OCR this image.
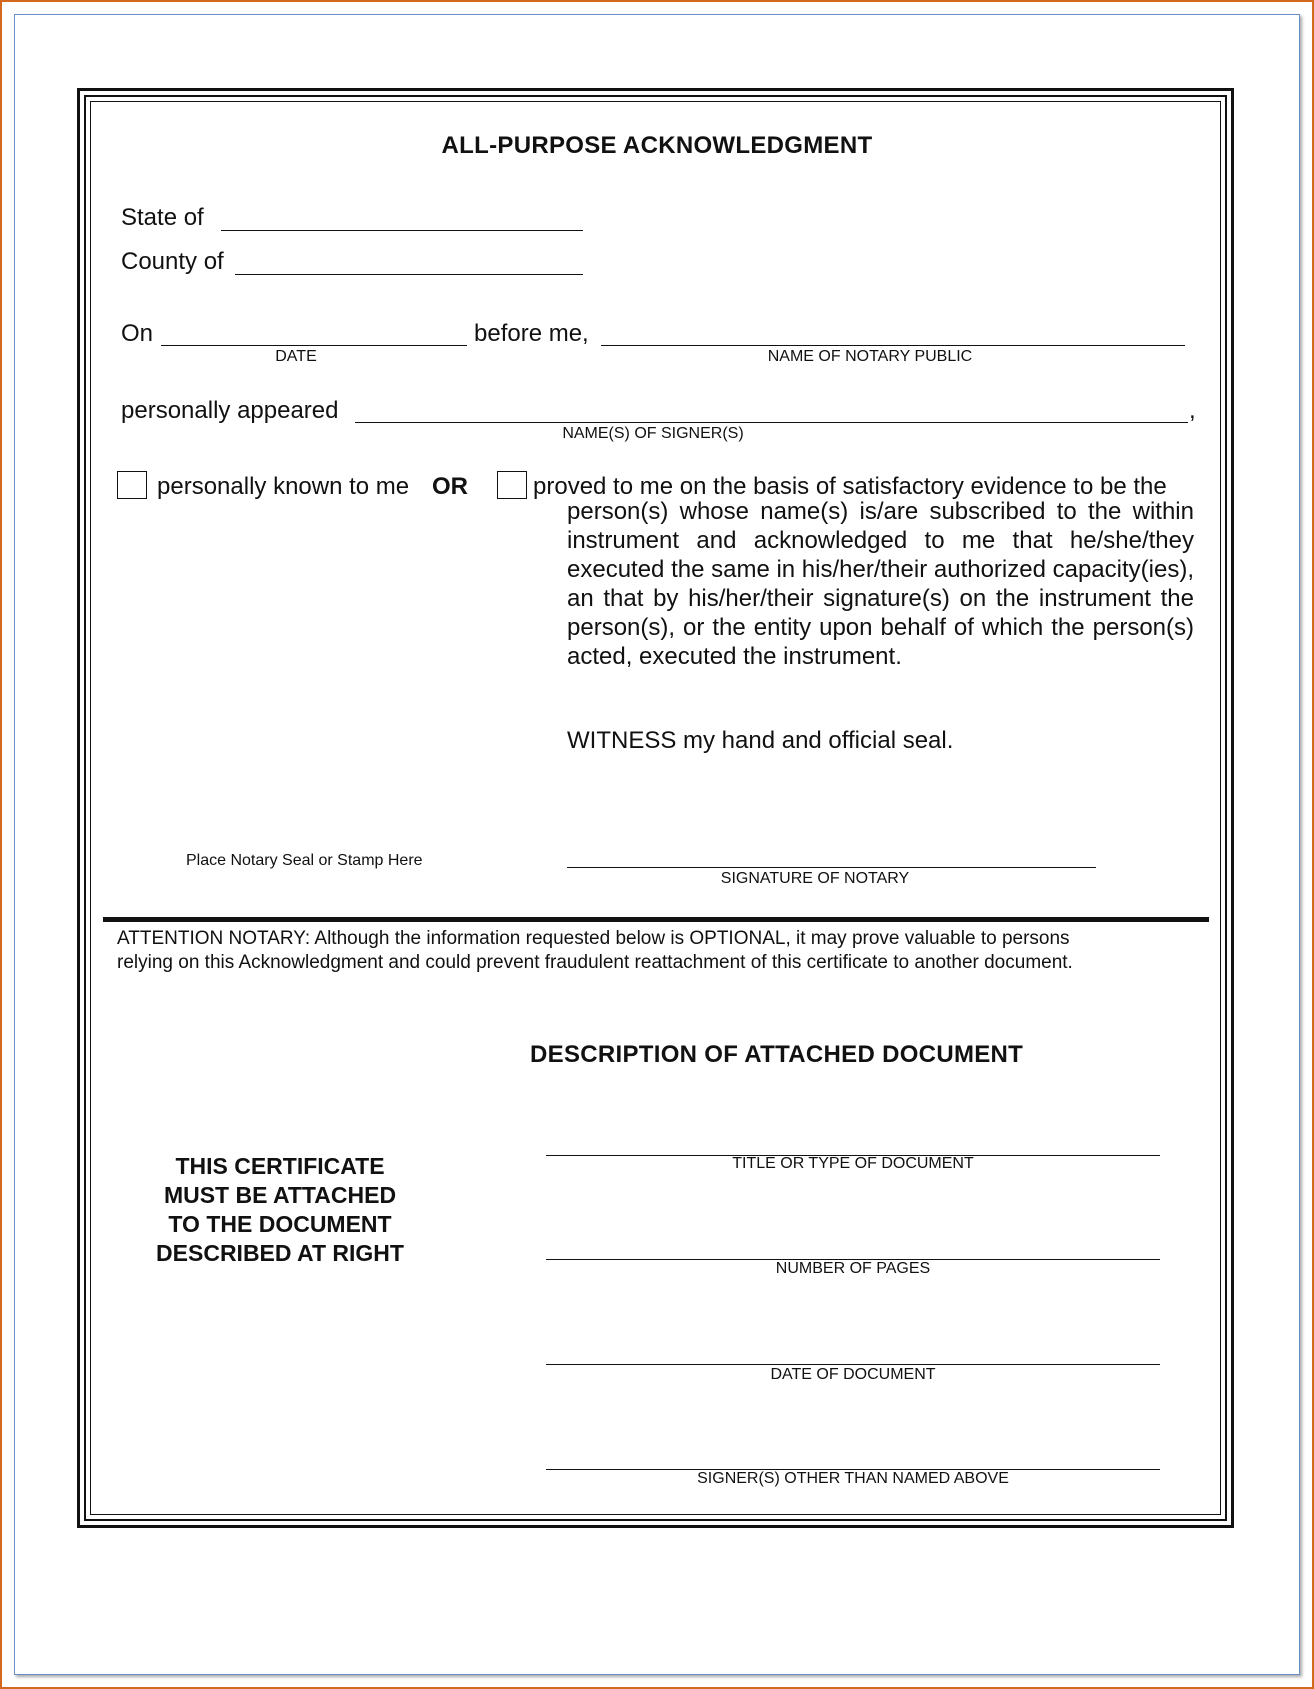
ALL-PURPOSE ACKNOWLEDGMENT
State of
County of
On	before me,
DATE	NAME OF NOTARY PUBLIC
personally appeared	,
NAME(S) OF SIGNER(S)
personally known to me OR	proved to me on the basis of satisfactory evidence to be the
person(s) whose name(s) is/are subscribed to the within instrument and acknowledged to me that he/she/they executed the same in his/her/their authorized capacity(ies), an that by his/her/their signature(s) on the instrument the person(s), or the entity upon behalf of which the person(s) acted, executed the instrument.
WITNESS my hand and official seal.
Place Notary Seal or Stamp Here
SIGNATURE OF NOTARY
ATTENTION NOTARY: Although the information requested below is OPTIONAL, it may prove valuable to persons
relying on this Acknowledgment and could prevent fraudulent reattachment of this certificate to another document.
DESCRIPTION OF ATTACHED DOCUMENT
THIS CERTIFICATE
MUST BE ATTACHED
TO THE DOCUMENT
DESCRIBED AT RIGHT
TITLE OR TYPE OF DOCUMENT
NUMBER OF PAGES
DATE OF DOCUMENT
SIGNER(S) OTHER THAN NAMED ABOVE
